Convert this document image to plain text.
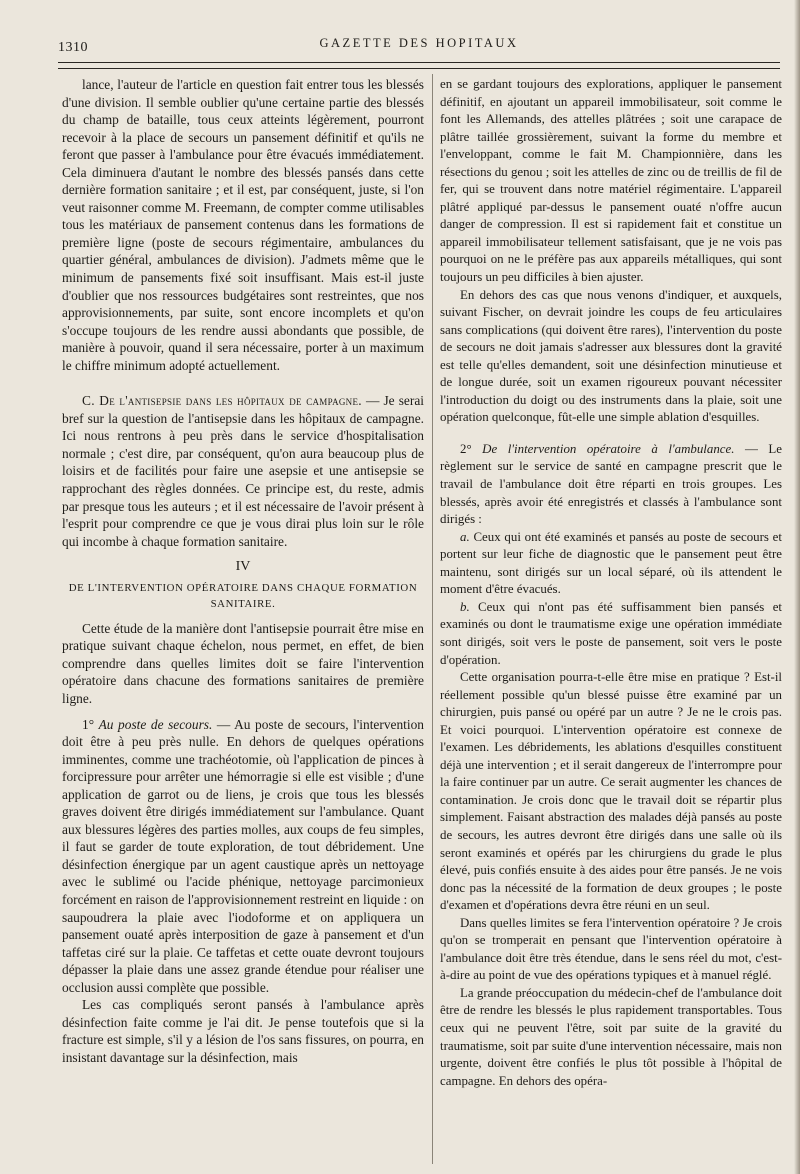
1310	GAZETTE DES HOPITAUX

lance, l'auteur de l'article en question fait entrer tous les blessés d'une division. Il semble oublier qu'une certaine partie des blessés du champ de bataille, tous ceux atteints légèrement, pourront recevoir à la place de secours un pansement définitif et qu'ils ne feront que passer à l'ambulance pour être évacués immédiatement. Cela diminuera d'autant le nombre des blessés pansés dans cette dernière formation sanitaire ; et il est, par conséquent, juste, si l'on veut raisonner comme M. Freemann, de compter comme utilisables tous les matériaux de pansement contenus dans les formations de première ligne (poste de secours régimentaire, ambulances du quartier général, ambulances de division). J'admets même que le minimum de pansements fixé soit insuffisant. Mais est-il juste d'oublier que nos ressources budgétaires sont restreintes, que nos approvisionnements, par suite, sont encore incomplets et qu'on s'occupe toujours de les rendre aussi abondants que possible, de manière à pouvoir, quand il sera nécessaire, porter à un maximum le chiffre minimum adopté actuellement.

C. De l'antisepsie dans les hôpitaux de campagne. — Je serai bref sur la question de l'antisepsie dans les hôpitaux de campagne. Ici nous rentrons à peu près dans le service d'hospitalisation normale ; c'est dire, par conséquent, qu'on aura beaucoup plus de loisirs et de facilités pour faire une asepsie et une antisepsie se rapprochant des règles données. Ce principe est, du reste, admis par presque tous les auteurs ; et il est nécessaire de l'avoir présent à l'esprit pour comprendre ce que je vous dirai plus loin sur le rôle qui incombe à chaque formation sanitaire.

IV

DE L'INTERVENTION OPÉRATOIRE DANS CHAQUE FORMATION SANITAIRE.

Cette étude de la manière dont l'antisepsie pourrait être mise en pratique suivant chaque échelon, nous permet, en effet, de bien comprendre dans quelles limites doit se faire l'intervention opératoire dans chacune des formations sanitaires de première ligne.

1° Au poste de secours. — Au poste de secours, l'intervention doit être à peu près nulle. En dehors de quelques opérations imminentes, comme une trachéotomie, où l'application de pinces à forcipressure pour arrêter une hémorragie si elle est visible ; d'une application de garrot ou de liens, je crois que tous les blessés graves doivent être dirigés immédiatement sur l'ambulance. Quant aux blessures légères des parties molles, aux coups de feu simples, il faut se garder de toute exploration, de tout débridement. Une désinfection énergique par un agent caustique après un nettoyage avec le sublimé ou l'acide phénique, nettoyage parcimonieux forcément en raison de l'approvisionnement restreint en liquide : on saupoudrera la plaie avec l'iodoforme et on appliquera un pansement ouaté après interposition de gaze à pansement et d'un taffetas ciré sur la plaie. Ce taffetas et cette ouate devront toujours dépasser la plaie dans une assez grande étendue pour réaliser une occlusion aussi complète que possible.

Les cas compliqués seront pansés à l'ambulance après désinfection faite comme je l'ai dit. Je pense toutefois que si la fracture est simple, s'il y a lésion de l'os sans fissures, on pourra, en insistant davantage sur la désinfection, mais

en se gardant toujours des explorations, appliquer le pansement définitif, en ajoutant un appareil immobilisateur, soit comme le font les Allemands, des attelles plâtrées ; soit une carapace de plâtre taillée grossièrement, suivant la forme du membre et l'enveloppant, comme le fait M. Championnière, dans les résections du genou ; soit les attelles de zinc ou de treillis de fil de fer, qui se trouvent dans notre matériel régimentaire. L'appareil plâtré appliqué par-dessus le pansement ouaté n'offre aucun danger de compression. Il est si rapidement fait et constitue un appareil immobilisateur tellement satisfaisant, que je ne vois pas pourquoi on ne le préfère pas aux appareils métalliques, qui sont toujours un peu difficiles à bien ajuster.

En dehors des cas que nous venons d'indiquer, et auxquels, suivant Fischer, on devrait joindre les coups de feu articulaires sans complications (qui doivent être rares), l'intervention du poste de secours ne doit jamais s'adresser aux blessures dont la gravité est telle qu'elles demandent, soit une désinfection minutieuse et de longue durée, soit un examen rigoureux pouvant nécessiter l'introduction du doigt ou des instruments dans la plaie, soit une opération quelconque, fût-elle une simple ablation d'esquilles.

2° De l'intervention opératoire à l'ambulance. — Le règlement sur le service de santé en campagne prescrit que le travail de l'ambulance doit être réparti en trois groupes. Les blessés, après avoir été enregistrés et classés à l'ambulance sont dirigés :

a. Ceux qui ont été examinés et pansés au poste de secours et portent sur leur fiche de diagnostic que le pansement peut être maintenu, sont dirigés sur un local séparé, où ils attendent le moment d'être évacués.

b. Ceux qui n'ont pas été suffisamment bien pansés et examinés ou dont le traumatisme exige une opération immédiate sont dirigés, soit vers le poste de pansement, soit vers le poste d'opération.

Cette organisation pourra-t-elle être mise en pratique ? Est-il réellement possible qu'un blessé puisse être examiné par un chirurgien, puis pansé ou opéré par un autre ? Je ne le crois pas. Et voici pourquoi. L'intervention opératoire est connexe de l'examen. Les débridements, les ablations d'esquilles constituent déjà une intervention ; et il serait dangereux de l'interrompre pour la faire continuer par un autre. Ce serait augmenter les chances de contamination. Je crois donc que le travail doit se répartir plus simplement. Faisant abstraction des malades déjà pansés au poste de secours, les autres devront être dirigés dans une salle où ils seront examinés et opérés par les chirurgiens du grade le plus élevé, puis confiés ensuite à des aides pour être pansés. Je ne vois donc pas la nécessité de la formation de deux groupes ; le poste d'examen et d'opérations devra être réuni en un seul.

Dans quelles limites se fera l'intervention opératoire ? Je crois qu'on se tromperait en pensant que l'intervention opératoire à l'ambulance doit être très étendue, dans le sens réel du mot, c'est-à-dire au point de vue des opérations typiques et à manuel réglé.

La grande préoccupation du médecin-chef de l'ambulance doit être de rendre les blessés le plus rapidement transportables. Tous ceux qui ne peuvent l'être, soit par suite de la gravité du traumatisme, soit par suite d'une intervention nécessaire, mais non urgente, doivent être confiés le plus tôt possible à l'hôpital de campagne. En dehors des opéra-
